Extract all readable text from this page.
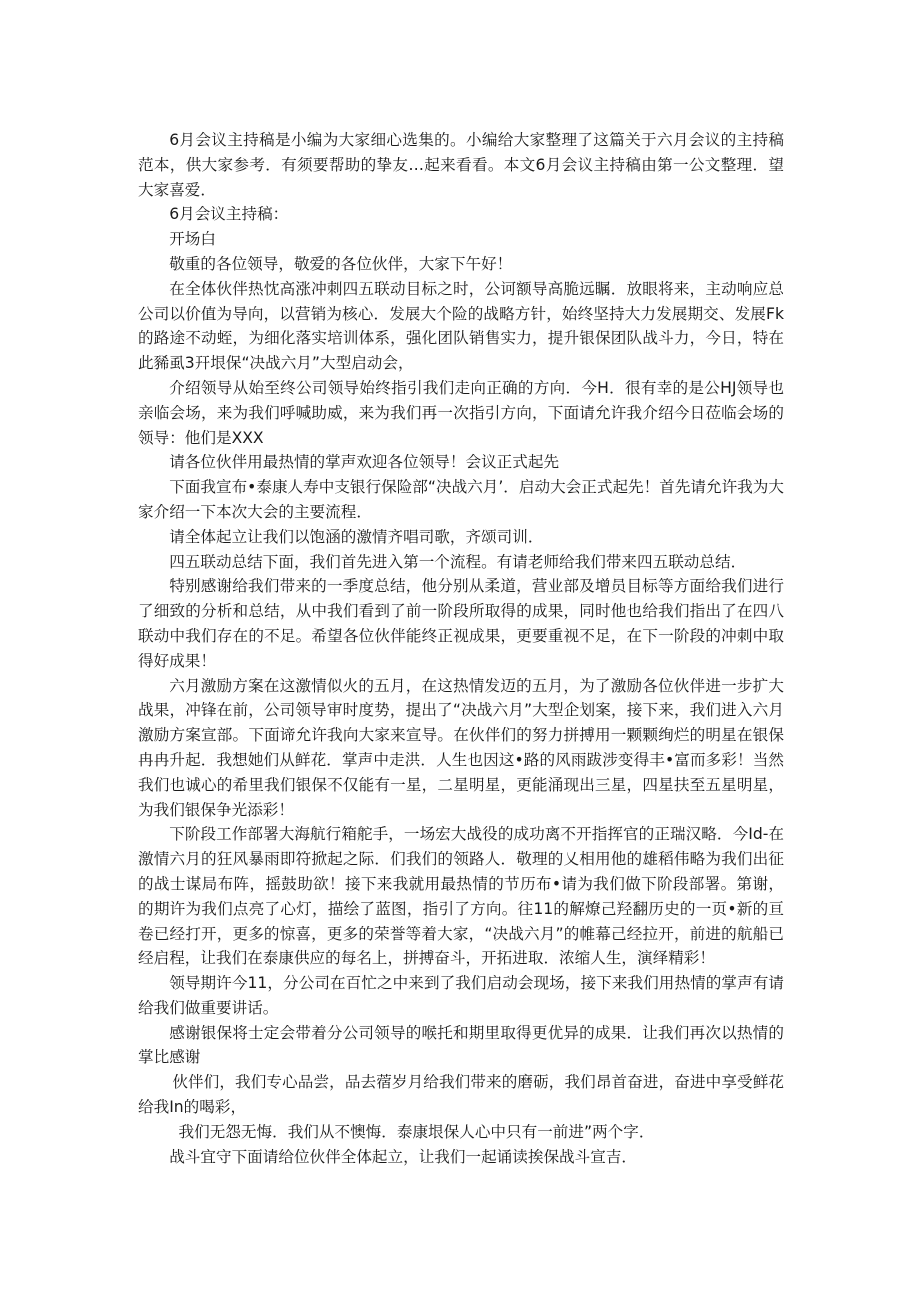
6月会议主持稿是小编为大家细心选集的。小编给大家整理了这篇关于六月会议的主持稿范本，供大家参考．有须要帮助的挚友…起来看看。本文6月会议主持稿由第一公文整理．望大家喜爱．

6月会议主持稿：

开场白

敬重的各位领导，敬爱的各位伙伴，大家下午好！

在全体伙伴热忱高涨冲刺四五联动目标之时，公诃额导高脆远瞩．放眼将来，主动响应总公司以价值为导向，以营销为核心．发展大个险的战略方针，始终坚持大力发展期交、发展Fk的路途不动蛭，为细化落实培训体系，强化团队销售实力，提升银保团队战斗力，今日，特在此豨虱3幵垠保“决战六月”大型启动会，

介绍领导从始至终公司领导始终指引我们走向正确的方向．今H．很有幸的是公HJ领导也亲临会场，来为我们呼喊助威，来为我们再一次指引方向，下面请允许我介绍今日莅临会场的领导：他们是XXX

请各位伙伴用最热情的掌声欢迎各位领导！会议正式起先

下面我宣布•泰康人寿中支银行保险部“决战六月’．启动大会正式起先！首先请允许我为大家介绍一下本次大会的主要流程．

请全体起立让我们以饱涵的激情齐唱司歌，齐颂司训．

四五联动总结下面，我们首先进入第一个流程。有请老师给我们带来四五联动总结．

特别感谢给我们带来的一季度总结，他分别从柔道，营业部及增员目标等方面给我们进行了细致的分析和总结，从中我们看到了前一阶段所取得的成果，同时他也给我们指出了在四八联动中我们存在的不足。希望各位伙伴能终正视成果，更要重视不足，在下一阶段的冲刺中取得好成果！

六月激励方案在这激情似火的五月，在这热情发迈的五月，为了激励各位伙伴进一步扩大战果，冲锋在前，公司领导审时度势，提出了“决战六月”大型企划案，接下来，我们进入六月激励方案宣部。下面谛允许我向大家来宣导。在伙伴们的努力拼搏用一颗颗绚烂的明星在银保冉冉升起．我想她们从鲜花．掌声中走洪．人生也因这•路的风雨跋涉变得丰•富而多彩！当然我们也诚心的希里我们银保不仅能有一星，二星明星，更能涌现出三星，四星扶至五星明星，为我们银保争光添彩！

下阶段工作部署大海航行箱舵手，一场宏大战役的成功离不开指挥官的正瑞汉略．今Id-在激情六月的狂风暴雨即符掀起之际．们我们的领路人．敬理的乂相用他的雄稻伟略为我们出征的战士谋局布阵，摇鼓助欲！接下来我就用最热情的节历布•请为我们做下阶段部署。第谢，的期许为我们点亮了心灯，描绘了蓝图，指引了方向。往11的解燎己羟翻历史的一页•新的亘卷已经打开，更多的惊喜，更多的荣誉等着大家，“决战六月”的帷幕己经拉开，前进的航船已经启程，让我们在泰康供应的每名上，拼搏奋斗，开拓进取．浓缩人生，演绎精彩！

领导期许今11，分公司在百忙之中来到了我们启动会现场，接下来我们用热情的掌声有请给我们做重要讲话。

感谢银保将士定会带着分公司领导的喉托和期里取得更优异的成果．让我们再次以热情的掌比感谢

伙伴们，我们专心品尝，品去蓿岁月给我们带来的磨砺，我们昂首奋进，奋进中享受鲜花给我In的喝彩，

我们无怨无悔．我们从不懊悔．泰康垠保人心中只有一前进”两个字．

战斗宜守下面请给位伙伴全体起立，让我们一起诵读挨保战斗宣吉．
